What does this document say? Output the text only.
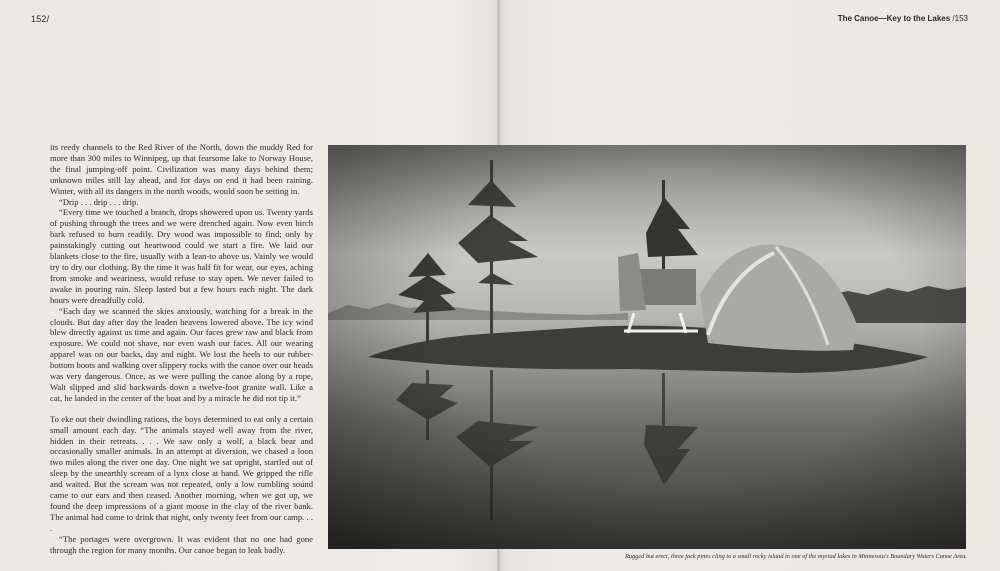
152/	The Canoe—Key to the Lakes /153

its reedy channels to the Red River of the North, down the muddy Red for more than 300 miles to Winnipeg, up that fearsome lake to Norway House, the final jumping-off point. Civilization was many days behind them; unknown miles still lay ahead, and for days on end it had been raining. Winter, with all its dangers in the north woods, would soon be setting in.

“Drip . . . drip . . . drip.

“Every time we touched a branch, drops showered upon us. Twenty yards of pushing through the trees and we were drenched again. Now even birch bark refused to burn readily. Dry wood was impossible to find; only by painstakingly cutting out heartwood could we start a fire. We laid our blankets close to the fire, usually with a lean-to above us. Vainly we would try to dry our clothing. By the time it was half fit for wear, our eyes, aching from smoke and weariness, would refuse to stay open. We never failed to awake in pouring rain. Sleep lasted but a few hours each night. The dark hours were dreadfully cold.

“Each day we scanned the skies anxiously, watching for a break in the clouds. But day after day the leaden heavens lowered above. The icy wind blew directly against us time and again. Our faces grew raw and black from exposure. We could not shave, nor even wash our faces. All our wearing apparel was on our backs, day and night. We lost the heels to our rubber-bottom boots and walking over slippery rocks with the canoe over our heads was very dangerous. Once, as we were pulling the canoe along by a rope, Walt slipped and slid backwards down a twelve-foot granite wall. Like a cat, he landed in the center of the boat and by a miracle he did not tip it.”

To eke out their dwindling rations, the boys determined to eat only a certain small amount each day. “The animals stayed well away from the river, hidden in their retreats. . . . We saw only a wolf, a black bear and occasionally smaller animals. In an attempt at diversion, we chased a loon two miles along the river one day. One night we sat upright, startled out of sleep by the unearthly scream of a lynx close at hand. We gripped the rifle and waited. But the scream was not repeated, only a low rumbling sound came to our ears and then ceased. Another morning, when we got up, we found the deep impressions of a giant moose in the clay of the river bank. The animal had come to drink that night, only twenty feet from our camp. . . .

“The portages were overgrown. It was evident that no one had gone through the region for many months. Our canoe began to leak badly.

Rugged but erect, three jack pines cling to a small rocky island in one of the myriad lakes in Minnesota's Boundary Waters Canoe Area.
